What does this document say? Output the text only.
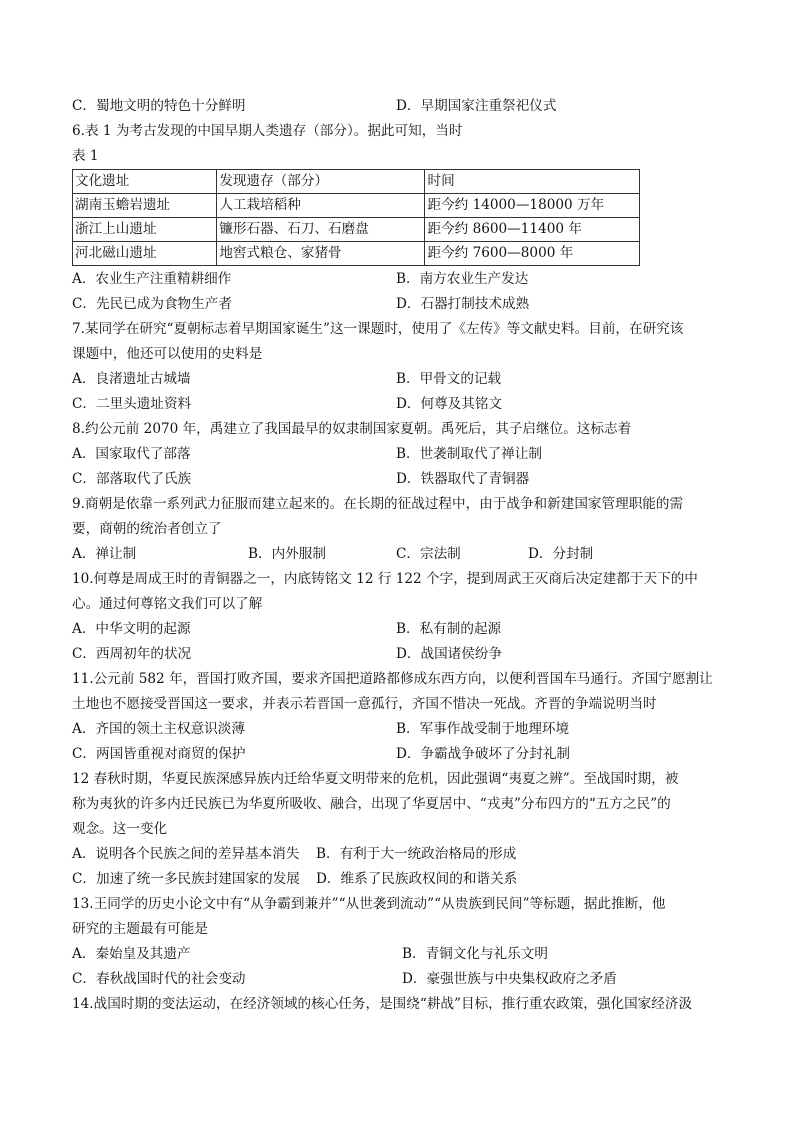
C．蜀地文明的特色十分鲜明	D．早期国家注重祭祀仪式
6.表 1 为考古发现的中国早期人类遗存（部分）。据此可知，当时
表 1
文化遗址	发现遗存（部分）	时间
湖南玉蟾岩遗址	人工栽培稻种	距今约 14000—18000 万年
浙江上山遗址	镰形石器、石刀、石磨盘	距今约 8600—11400 年
河北磁山遗址	地窖式粮仓、家猪骨	距今约 7600—8000 年
A．农业生产注重精耕细作	B．南方农业生产发达
C．先民已成为食物生产者	D．石器打制技术成熟
7.某同学在研究“夏朝标志着早期国家诞生”这一课题时，使用了《左传》等文献史料。目前，在研究该
课题中，他还可以使用的史料是
A．良渚遗址古城墙	B．甲骨文的记载
C．二里头遗址资料	D．何尊及其铭文
8.约公元前 2070 年，禹建立了我国最早的奴隶制国家夏朝。禹死后，其子启继位。这标志着
A．国家取代了部落	B．世袭制取代了禅让制
C．部落取代了氏族	D．铁器取代了青铜器
9.商朝是依靠一系列武力征服而建立起来的。在长期的征战过程中，由于战争和新建国家管理职能的需
要，商朝的统治者创立了
A．禅让制	B．内外服制	C．宗法制	D．分封制
10.何尊是周成王时的青铜器之一，内底铸铭文 12 行 122 个字，提到周武王灭商后决定建都于天下的中
心。通过何尊铭文我们可以了解
A．中华文明的起源	B．私有制的起源
C．西周初年的状况	D．战国诸侯纷争
11.公元前 582 年，晋国打败齐国，要求齐国把道路都修成东西方向，以便利晋国车马通行。齐国宁愿割让
土地也不愿接受晋国这一要求，并表示若晋国一意孤行，齐国不惜决一死战。齐晋的争端说明当时
A．齐国的领土主权意识淡薄	B．军事作战受制于地理环境
C．两国皆重视对商贸的保护	D．争霸战争破坏了分封礼制
12 春秋时期，华夏民族深感异族内迁给华夏文明带来的危机，因此强调“夷夏之辨”。至战国时期，被
称为夷狄的许多内迁民族已为华夏所吸收、融合，出现了华夏居中、“戎夷”分布四方的“五方之民”的
观念。这一变化
A．说明各个民族之间的差异基本消失 B．有利于大一统政治格局的形成
C．加速了统一多民族封建国家的发展 D．维系了民族政权间的和谐关系
13.王同学的历史小论文中有“从争霸到兼并”“从世袭到流动”“从贵族到民间”等标题，据此推断，他
研究的主题最有可能是
A．秦始皇及其遗产	B．青铜文化与礼乐文明
C．春秋战国时代的社会变动	D．豪强世族与中央集权政府之矛盾
14.战国时期的变法运动，在经济领域的核心任务，是围绕“耕战”目标，推行重农政策，强化国家经济汲
